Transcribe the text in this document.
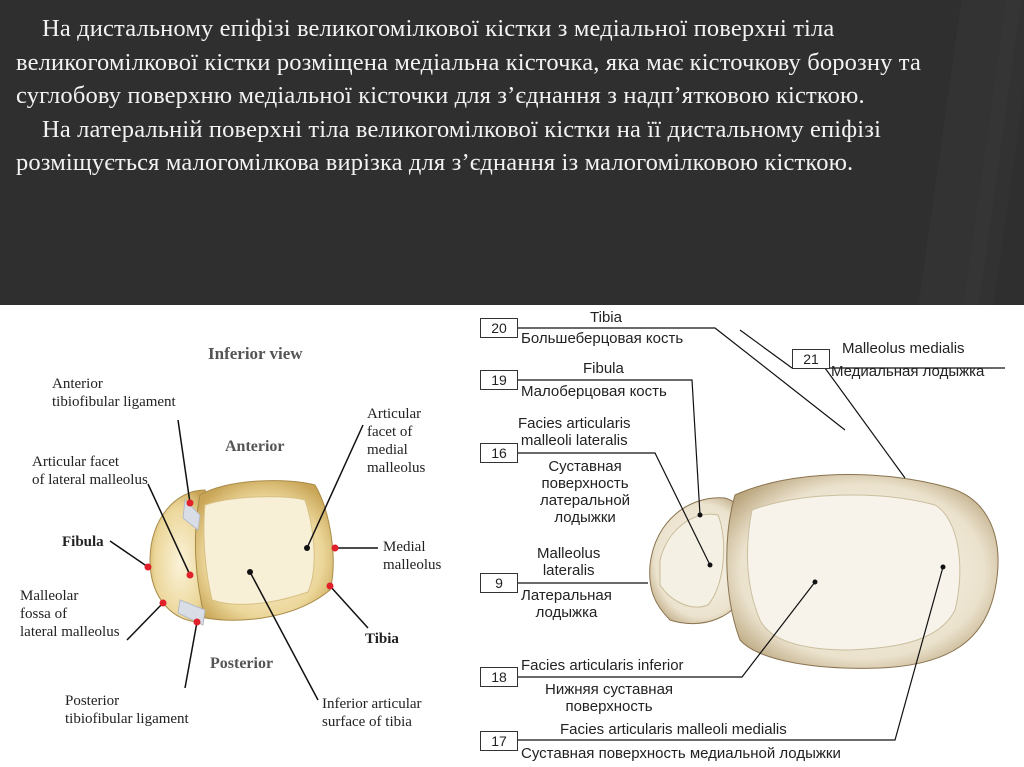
На дистальному епіфізі великогомілкової кістки з медіальної поверхні тіла великогомілкової кістки розміщена медіальна кісточка, яка має кісточкову борозну та суглобову поверхню медіальної кісточки для з’єднання з надп’ятковою кісткою.

На латеральній поверхні тіла великогомілкової кістки на її дистальному епіфізі розміщується малогомілкова вирізка для з’єднання із малогомілковою кісткою.

Inferior view
Anterior
Posterior
Anterior
tibiofibular ligament
Articular facet
of lateral malleolus
Fibula
Malleolar
fossa of
lateral malleolus
Posterior
tibiofibular ligament
Articular
facet of
medial
malleolus
Medial
malleolus
Tibia
Inferior articular
surface of tibia
20
Tibia
Большеберцовая кость
19
Fibula
Малоберцовая кость
16
Facies articularis
malleoli lateralis
Суставная
поверхность
латеральной
лодыжки
9
Malleolus
lateralis
Латеральная
лодыжка
18
Facies articularis inferior
Нижняя суставная
поверхность
17
Facies articularis malleoli medialis
Суставная поверхность медиальной лодыжки
21
Malleolus medialis
Медиальная лодыжка
